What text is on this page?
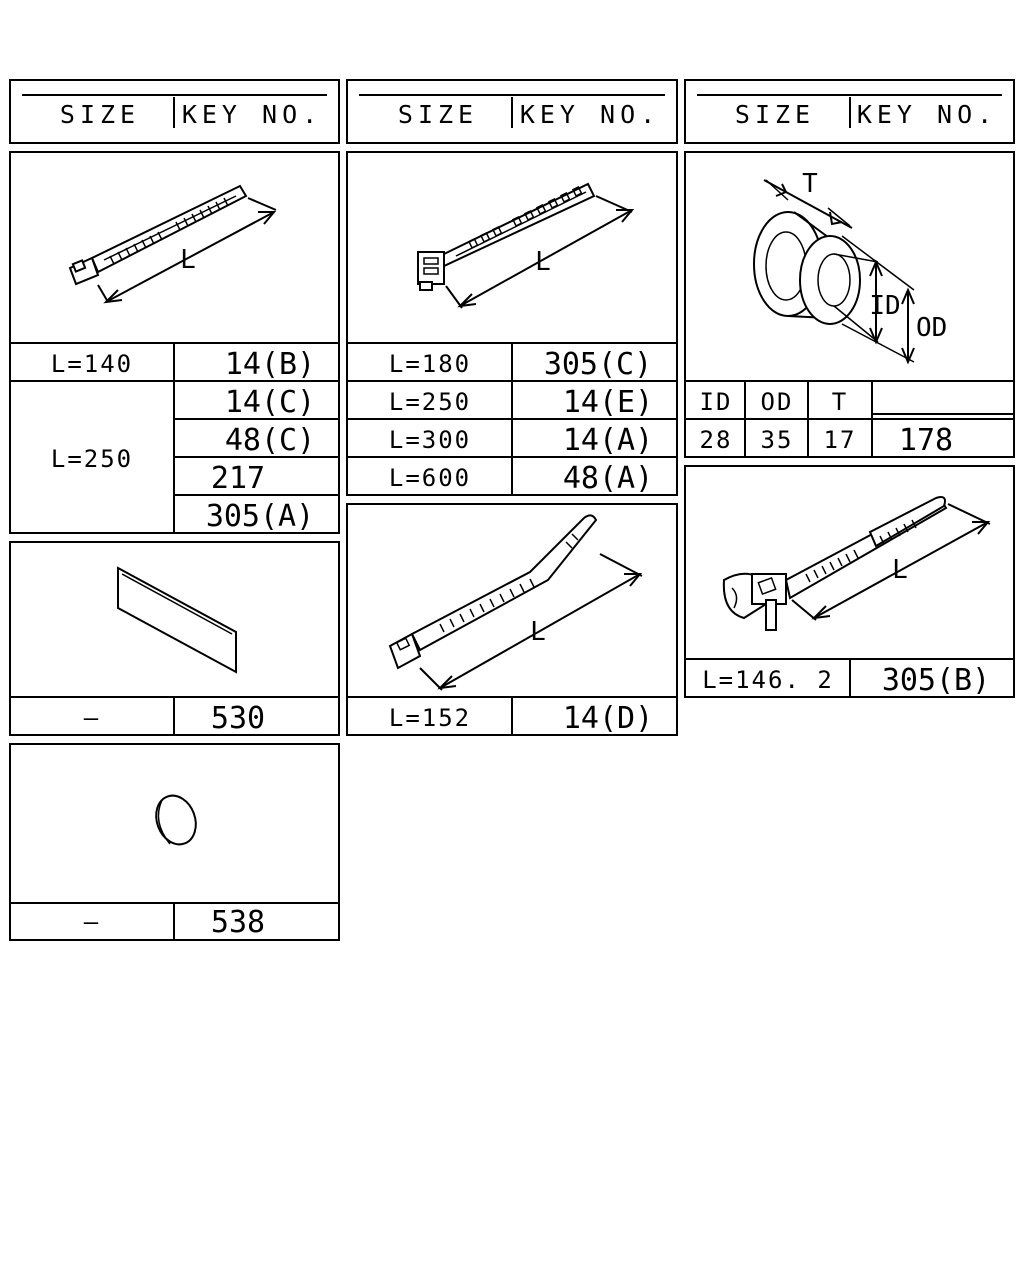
SIZE KEY NO.	SIZE KEY NO.	SIZE KEY NO.
L
L=140	14(B)
L=250
14(C)
48(C)
217
305(A)
—	530
—	538
L
L=180 305(C)
L=250	14(E)
L=300	14(A)
L=600	48(A)
L
L=152	14(D)
T
ID
OD
ID OD T
28 35 17 178
L
L=146. 2 305(B)
